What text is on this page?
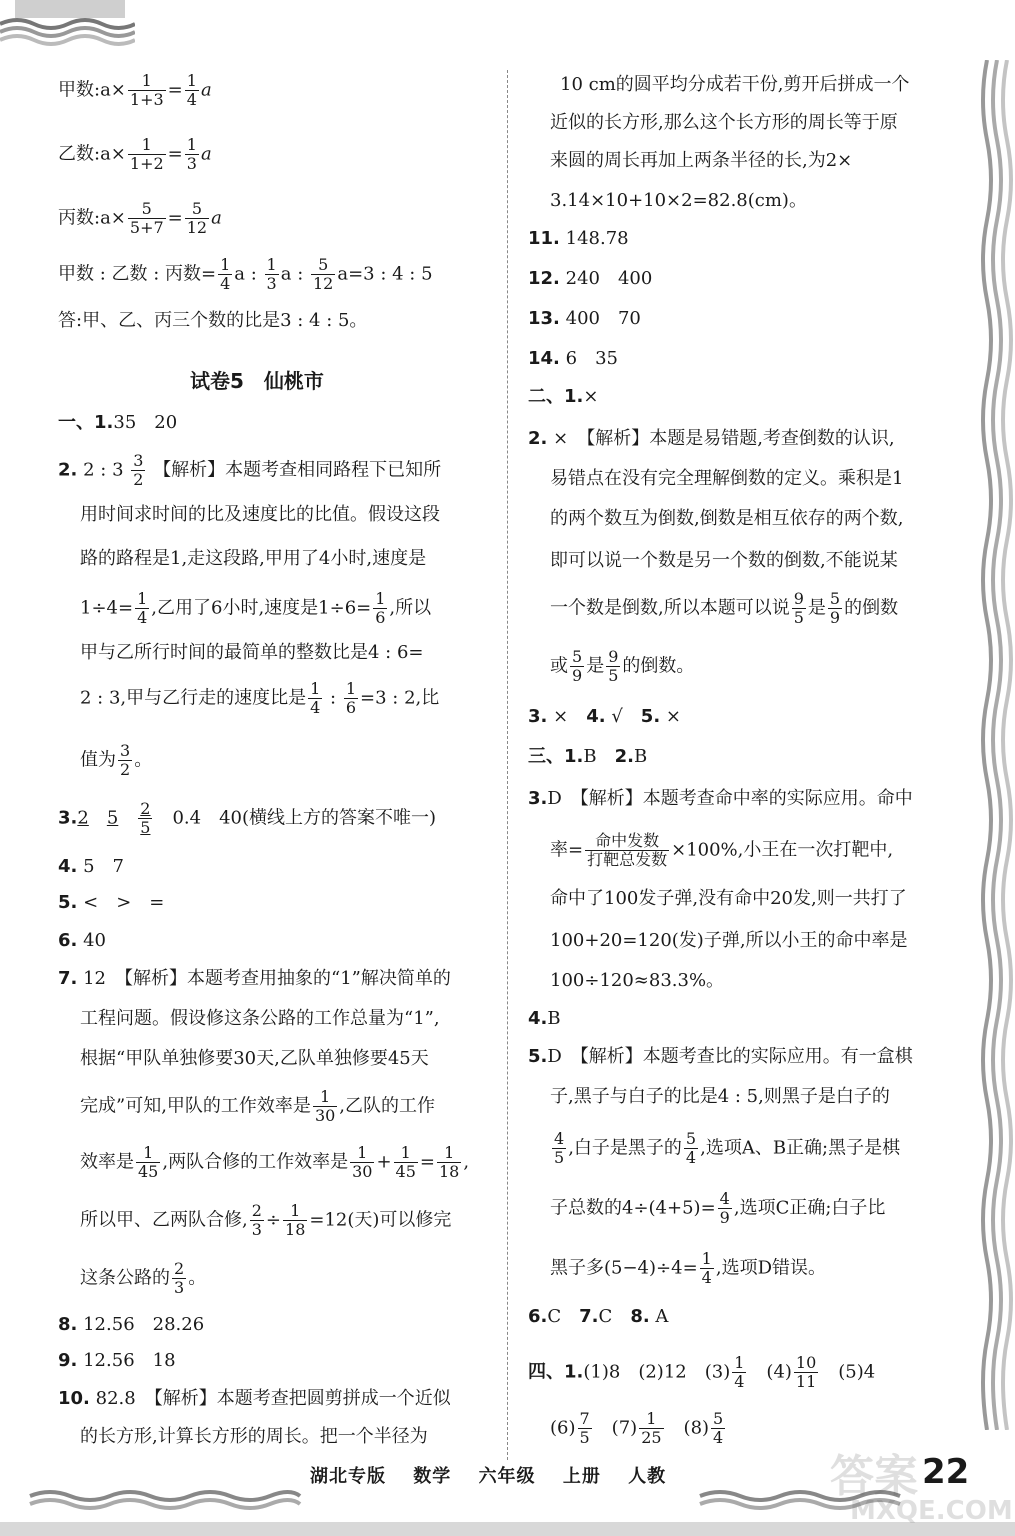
甲数:a× $\frac{1}{1+3} = \frac{1}{4}$ a
乙数:a× $\frac{1}{1+2} = \frac{1}{3}$ a
丙数:a× $\frac{5}{5+7} = \frac{5}{12}$ a
甲数 : 乙数 : 丙数= $\frac{1}{4}$ a : $\frac{1}{3}$ a : $\frac{5}{12} a=3$ : 4 : 5
答:甲、乙、丙三个数的比是3 : 4 : 5。
试卷5　仙桃市
一、1.35　20
2. 2 : $3 \frac{3}{2}$ 【解析】本题考查相同路程下已知所
用时间求时间的比及速度比的比值。假设这段
路的路程是1,走这段路,甲用了4小时,速度是
$1\div 4= \frac{1}{4}$ ,乙用了6小时,速度是$1\div 6= \frac{1}{6}$ ,所以
甲与乙所行时间的最简单的整数比是4 : 6=
2 : 3,甲与乙行走的速度比是 $\frac{1}{4}$ : $\frac{1}{6} =3$ : 2,比
值为 $\frac{3}{2}$ 。
3.2　 5　 $\frac{2}{5}$
　 0.4　40(横线上方的答案不唯一)
4. 5　7
5. <　>　=
6. 40
7. 12　【解析】本题考查用抽象的“1”解决简单的
工程问题。假设修这条公路的工作总量为“1”,
根据“甲队单独修要30天,乙队单独修要45天
完成”可知,甲队的工作效率是 $\frac{1}{30}$ ,乙队的工作
效率是 $\frac{1}{45}$ ,两队合修的工作效率是 $\frac{1}{30} + \frac{1}{45} = \frac{1}{18}$ ,
所以甲、乙两队合修, $\frac{2}{3} \div \frac{1}{18} =12$(天)可以修完
这条公路的 $\frac{2}{3}$ 。
8. 12.56　28.26
9. 12.56　18
10. 82.8　【解析】本题考查把圆剪拼成一个近似
的长方形,计算长方形的周长。把一个半径为
10 cm的圆平均分成若干份,剪开后拼成一个
近似的长方形,那么这个长方形的周长等于原
来圆的周长再加上两条半径的长,为2×
3.14×10+10×2=82.8(cm)。
11. 148.78
12. 240　400
13. 400　70
14. 6　35
二、1.×
2. ×　【解析】本题是易错题,考查倒数的认识,
易错点在没有完全理解倒数的定义。乘积是1
的两个数互为倒数,倒数是相互依存的两个数,
即可以说一个数是另一个数的倒数,不能说某
一个数是倒数,所以本题可以说 $\frac{9}{5}$ 是 $\frac{5}{9}$ 的倒数
或 $\frac{5}{9}$ 是 $\frac{9}{5}$ 的倒数。
3. ×　 4. √　 5. ×
三、1.B　 2.B
3.D　【解析】本题考查命中率的实际应用。命中
率= $\frac{\text{命中发数}}{\text{打靶总发数}} \times 100\%$,小王在一次打靶中,
命中了100发子弹,没有命中20发,则一共打了
100+20=120(发)子弹,所以小王的命中率是
100÷120≈83.3%。
4.B
5.D　【解析】本题考查比的实际应用。有一盒棋
子,黑子与白子的比是4 : 5,则黑子是白子的
$\frac{4}{5}$ ,白子是黑子的 $\frac{5}{4}$ ,选项A、B正确;黑子是棋
子总数的$4\div(4+5)= \frac{4}{9}$ ,选项C正确;白子比
黑子多$(5-4)\div 4= \frac{1}{4}$ ,选项D错误。
6.C　 7.C　 8. A
四、1.(1)8　(2)12　$(3) \frac{1}{4}$ 　$(4) \frac{10}{11}$ 　(5)4
$(6) \frac{7}{5}$ 　$(7) \frac{1}{25}$ 　$(8) \frac{5}{4}$
湖北专版 数学 六年级 上册 人教	答案
MXQE.COM
22
